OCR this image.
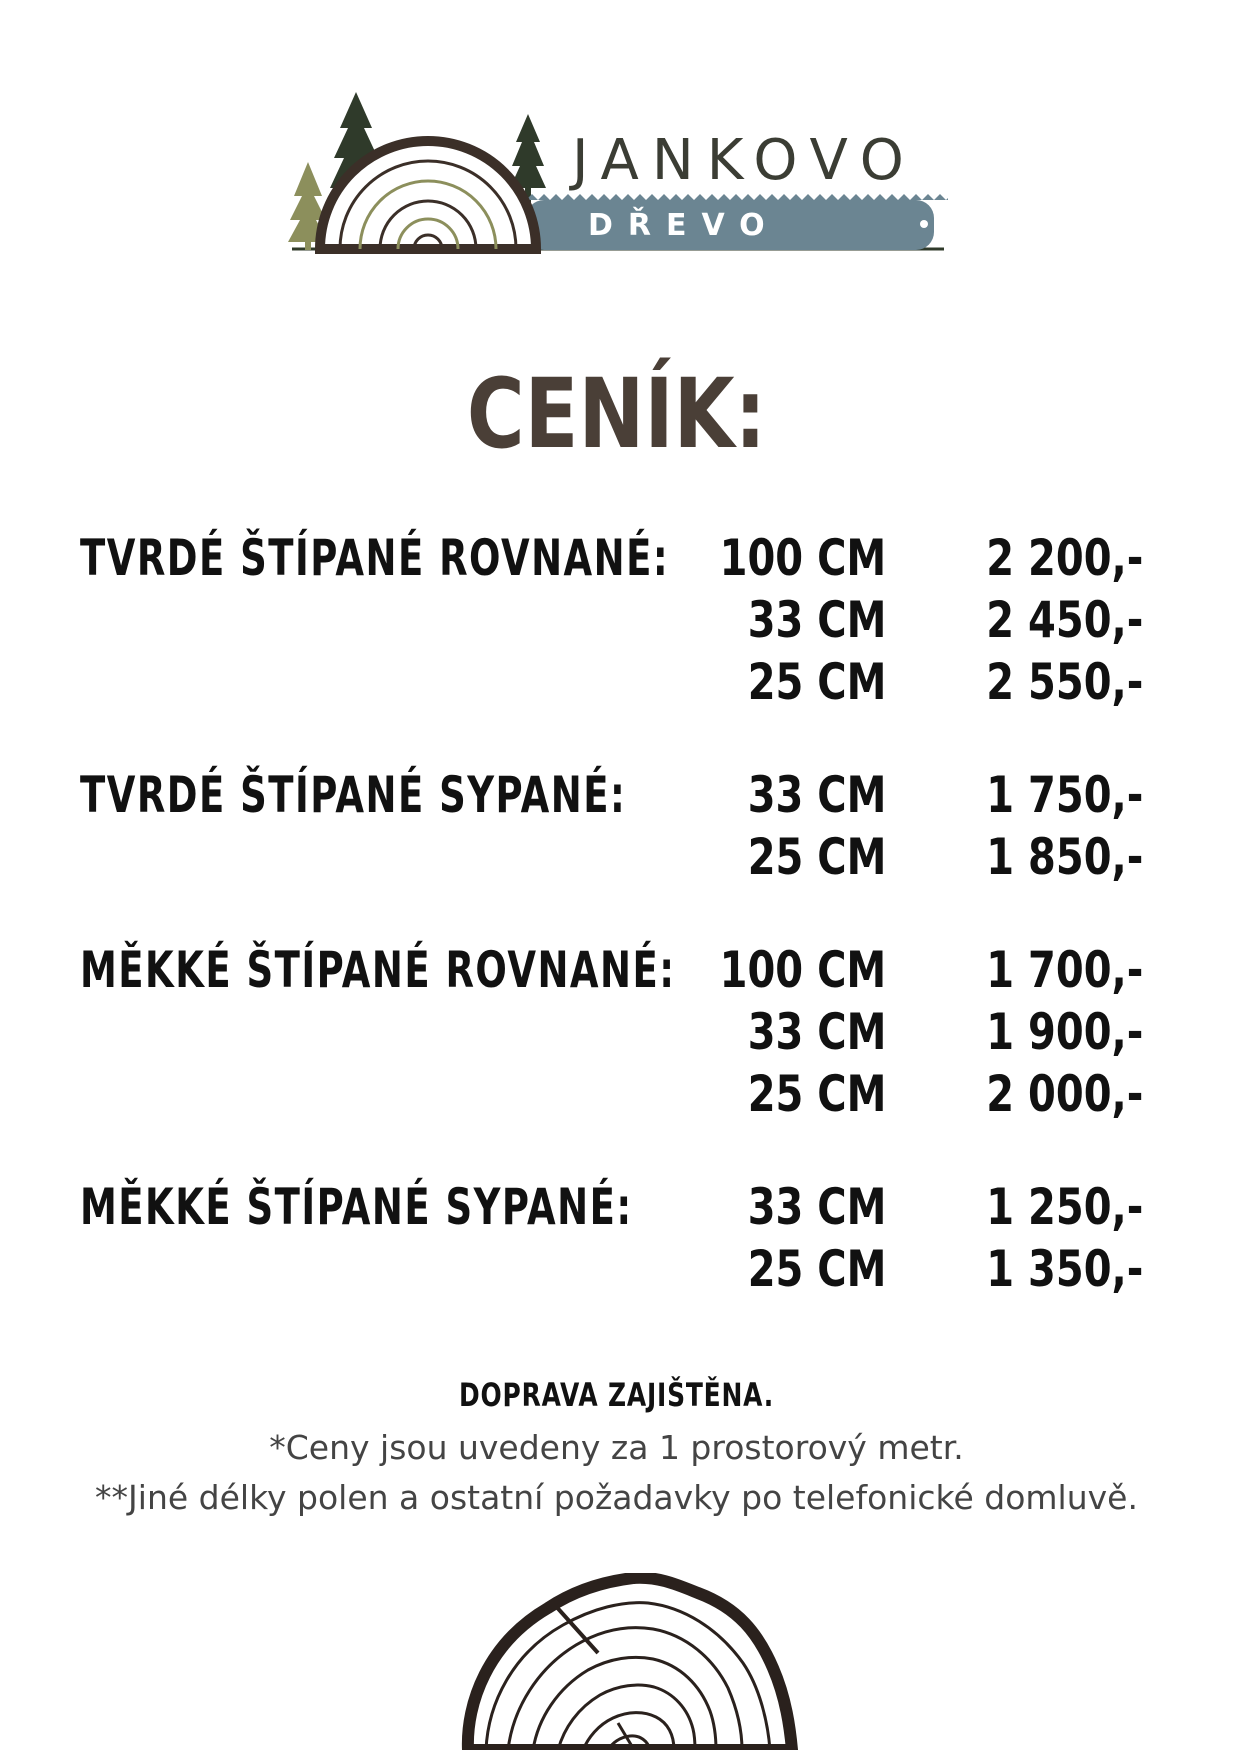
JANKOVO
DŘEVO
CENÍK:
TVRDÉ ŠTÍPANÉ ROVNANÉ: 100 CM 2 200,-
33 CM 2 450,-
25 CM 2 550,-
TVRDÉ ŠTÍPANÉ SYPANÉ: 33 CM 1 750,-
25 CM 1 850,-
MĚKKÉ ŠTÍPANÉ ROVNANÉ: 100 CM 1 700,-
33 CM 1 900,-
25 CM 2 000,-
MĚKKÉ ŠTÍPANÉ SYPANÉ: 33 CM 1 250,-
25 CM 1 350,-
DOPRAVA ZAJIŠTĚNA.
*Ceny jsou uvedeny za 1 prostorový metr.
**Jiné délky polen a ostatní požadavky po telefonické domluvě.
